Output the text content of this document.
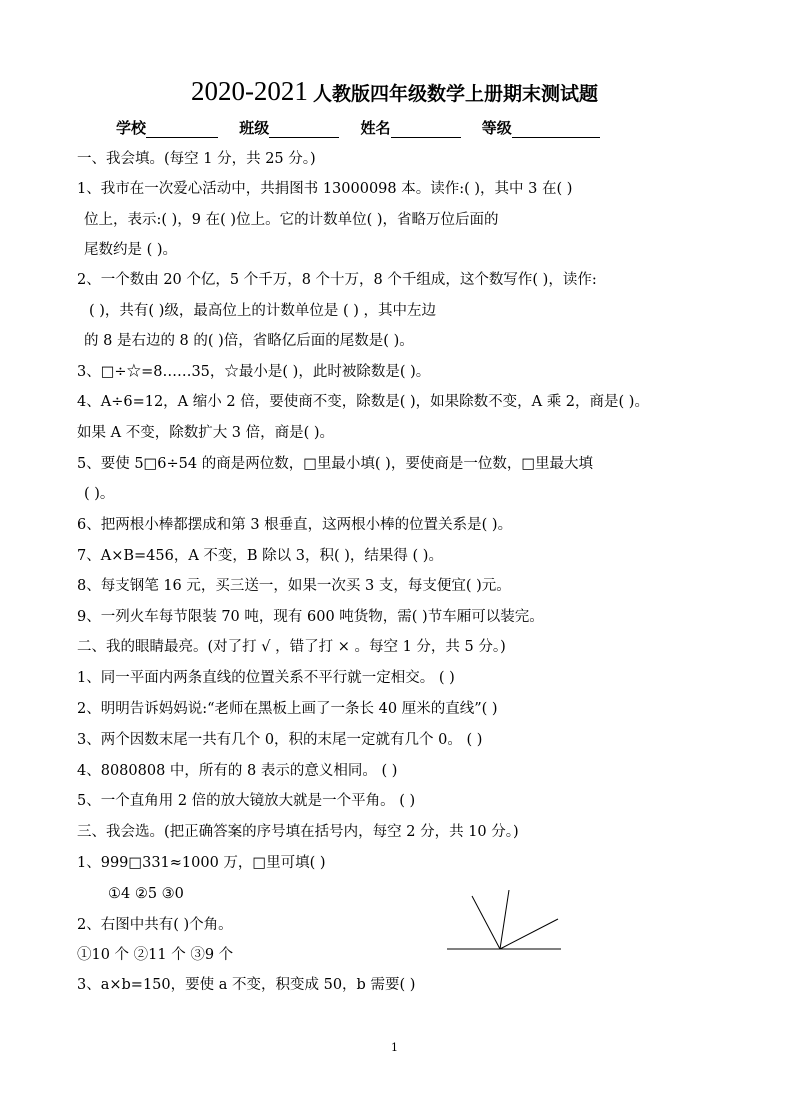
2020-2021 人教版四年级数学上册期末测试题
学校	班级	姓名	等级
一、我会填。(每空 1 分，共 25 分。)
1、我市在一次爱心活动中，共捐图书 13000098 本。读作:( )，其中 3 在( )
位上，表示:( )，9 在( )位上。它的计数单位( )，省略万位后面的
尾数约是 ( )。
2、一个数由 20 个亿，5 个千万，8 个十万，8 个千组成，这个数写作( )，读作:
( )，共有( )级，最高位上的计数单位是 ( ) ，其中左边
的 8 是右边的 8 的( )倍，省略亿后面的尾数是( )。
3、□÷☆=8……35，☆最小是( )，此时被除数是( )。
4、A÷6=12，A 缩小 2 倍，要使商不变，除数是( )，如果除数不变，A 乘 2，商是( )。
如果 A 不变，除数扩大 3 倍，商是( )。
5、要使 5□6÷54 的商是两位数，□里最小填( )，要使商是一位数，□里最大填
( )。
6、把两根小棒都摆成和第 3 根垂直，这两根小棒的位置关系是( )。
7、A×B=456，A 不变，B 除以 3，积( )，结果得 ( )。
8、每支钢笔 16 元，买三送一，如果一次买 3 支，每支便宜( )元。
9、一列火车每节限装 70 吨，现有 600 吨货物，需( )节车厢可以装完。
二、我的眼睛最亮。(对了打 √ ，错了打 × 。每空 1 分，共 5 分。)
1、同一平面内两条直线的位置关系不平行就一定相交。 ( )
2、明明告诉妈妈说:“老师在黑板上画了一条长 40 厘米的直线”( )
3、两个因数末尾一共有几个 0，积的末尾一定就有几个 0。 ( )
4、8080808 中，所有的 8 表示的意义相同。 ( )
5、一个直角用 2 倍的放大镜放大就是一个平角。 ( )
三、我会选。(把正确答案的序号填在括号内，每空 2 分，共 10 分。)
1、999□331≈1000 万，□里可填( )
①4 ②5 ③0
2、右图中共有( )个角。
①10 个 ②11 个 ③9 个
3、a×b=150，要使 a 不变，积变成 50，b 需要( )
1
